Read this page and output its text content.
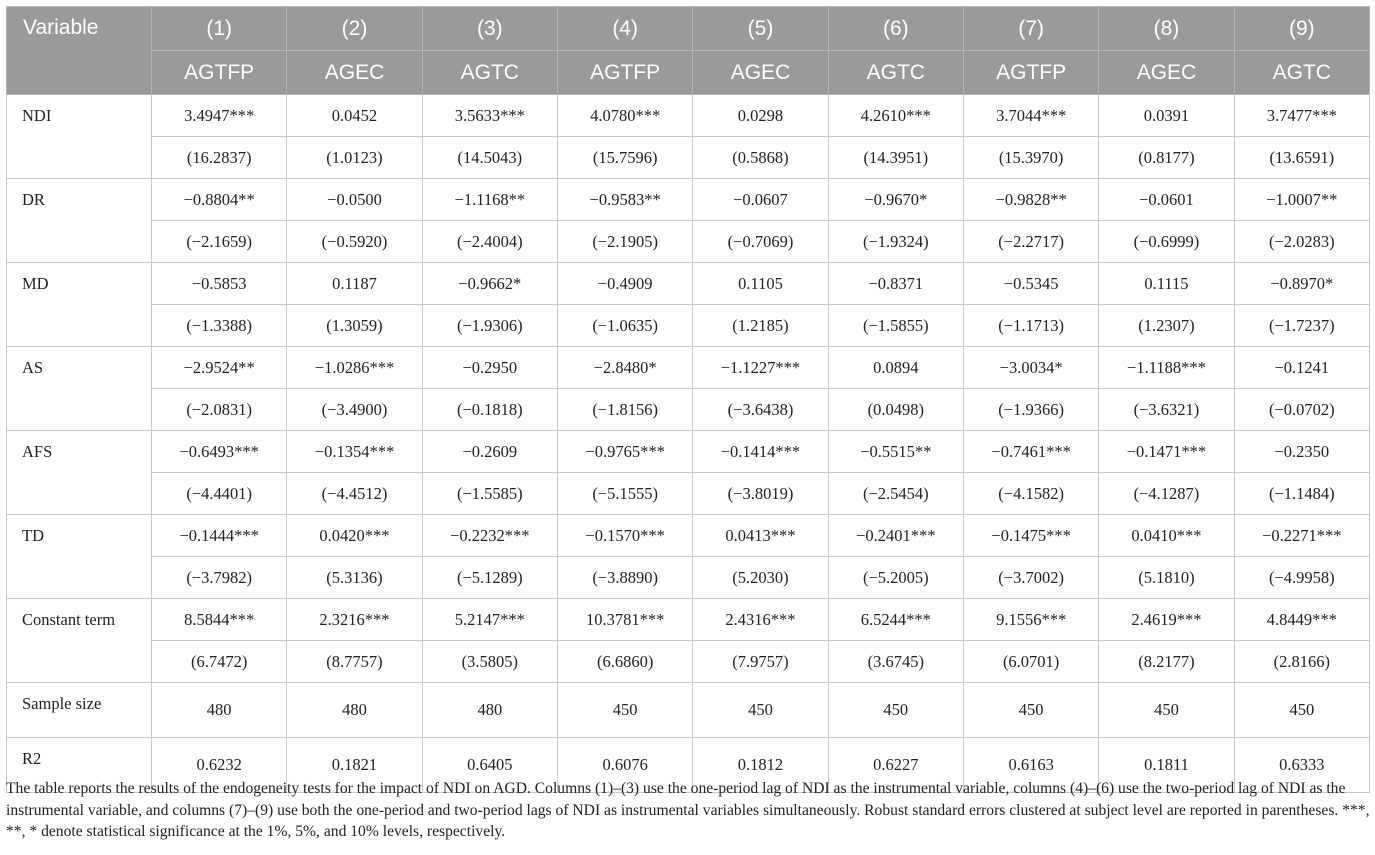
Variable	(1)	(2)	(3)	(4)	(5)	(6)	(7)	(8)	(9)
	AGTFP	AGEC	AGTC	AGTFP	AGEC	AGTC	AGTFP	AGEC	AGTC
NDI	3.4947***	0.0452	3.5633***	4.0780***	0.0298	4.2610***	3.7044***	0.0391	3.7477***
	(16.2837)	(1.0123)	(14.5043)	(15.7596)	(0.5868)	(14.3951)	(15.3970)	(0.8177)	(13.6591)
DR	−0.8804**	−0.0500	−1.1168**	−0.9583**	−0.0607	−0.9670*	−0.9828**	−0.0601	−1.0007**
	(−2.1659)	(−0.5920)	(−2.4004)	(−2.1905)	(−0.7069)	(−1.9324)	(−2.2717)	(−0.6999)	(−2.0283)
MD	−0.5853	0.1187	−0.9662*	−0.4909	0.1105	−0.8371	−0.5345	0.1115	−0.8970*
	(−1.3388)	(1.3059)	(−1.9306)	(−1.0635)	(1.2185)	(−1.5855)	(−1.1713)	(1.2307)	(−1.7237)
AS	−2.9524**	−1.0286***	−0.2950	−2.8480*	−1.1227***	0.0894	−3.0034*	−1.1188***	−0.1241
	(−2.0831)	(−3.4900)	(−0.1818)	(−1.8156)	(−3.6438)	(0.0498)	(−1.9366)	(−3.6321)	(−0.0702)
AFS	−0.6493***	−0.1354***	−0.2609	−0.9765***	−0.1414***	−0.5515**	−0.7461***	−0.1471***	−0.2350
	(−4.4401)	(−4.4512)	(−1.5585)	(−5.1555)	(−3.8019)	(−2.5454)	(−4.1582)	(−4.1287)	(−1.1484)
TD	−0.1444***	0.0420***	−0.2232***	−0.1570***	0.0413***	−0.2401***	−0.1475***	0.0410***	−0.2271***
	(−3.7982)	(5.3136)	(−5.1289)	(−3.8890)	(5.2030)	(−5.2005)	(−3.7002)	(5.1810)	(−4.9958)
Constant term	8.5844***	2.3216***	5.2147***	10.3781***	2.4316***	6.5244***	9.1556***	2.4619***	4.8449***
	(6.7472)	(8.7757)	(3.5805)	(6.6860)	(7.9757)	(3.6745)	(6.0701)	(8.2177)	(2.8166)
Sample size	480	480	480	450	450	450	450	450	450
R2	0.6232	0.1821	0.6405	0.6076	0.1812	0.6227	0.6163	0.1811	0.6333
The table reports the results of the endogeneity tests for the impact of NDI on AGD. Columns (1)–(3) use the one-period lag of NDI as the instrumental variable, columns (4)–(6) use the two-period lag of NDI as the instrumental variable, and columns (7)–(9) use both the one-period and two-period lags of NDI as instrumental variables simultaneously. Robust standard errors clustered at subject level are reported in parentheses. ***, **, * denote statistical significance at the 1%, 5%, and 10% levels, respectively.
